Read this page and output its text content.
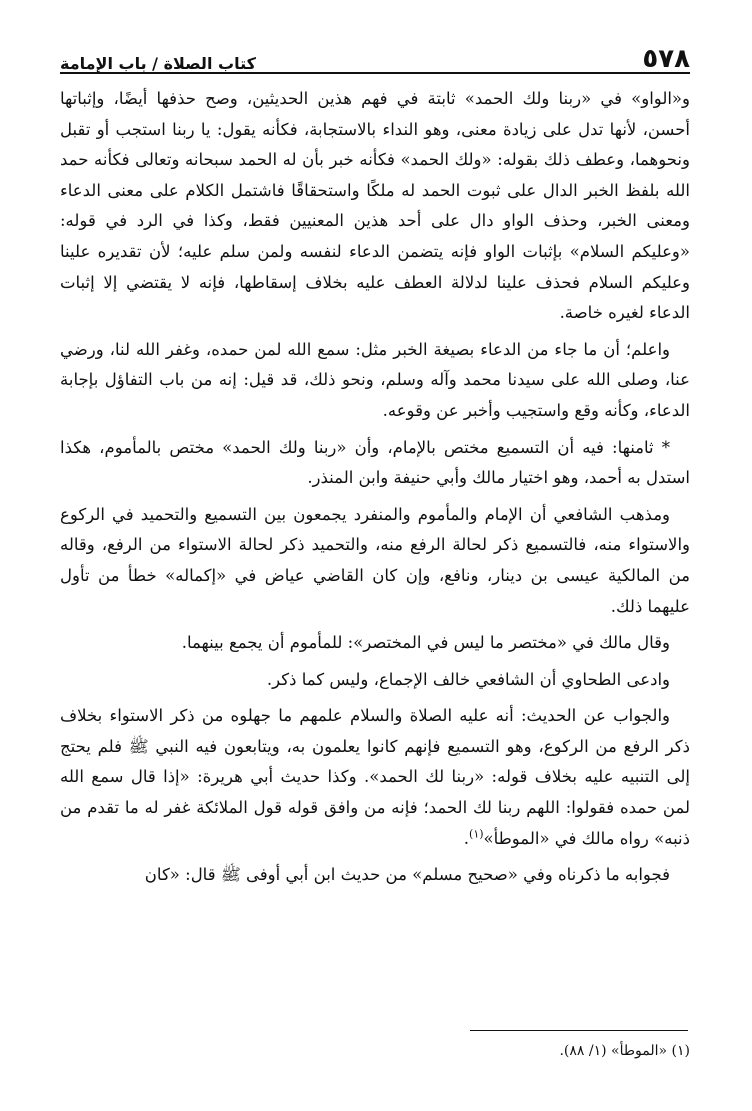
٥٧٨
كتاب الصلاة / باب الإمامة

و«الواو» في «ربنا ولك الحمد» ثابتة في فهم هذين الحديثين، وصح حذفها أيضًا، وإثباتها أحسن، لأنها تدل على زيادة معنى، وهو النداء بالاستجابة، فكأنه يقول: يا ربنا استجب أو تقبل ونحوهما، وعطف ذلك بقوله: «ولك الحمد» فكأنه خبر بأن له الحمد سبحانه وتعالى فكأنه حمد الله بلفظ الخبر الدال على ثبوت الحمد له ملكًا واستحقاقًا فاشتمل الكلام على معنى الدعاء ومعنى الخبر، وحذف الواو دال على أحد هذين المعنيين فقط، وكذا في الرد في قوله: «وعليكم السلام» بإثبات الواو فإنه يتضمن الدعاء لنفسه ولمن سلم عليه؛ لأن تقديره علينا وعليكم السلام فحذف علينا لدلالة العطف عليه بخلاف إسقاطها، فإنه لا يقتضي إلا إثبات الدعاء لغيره خاصة.

واعلم؛ أن ما جاء من الدعاء بصيغة الخبر مثل: سمع الله لمن حمده، وغفر الله لنا، ورضي عنا، وصلى الله على سيدنا محمد وآله وسلم، ونحو ذلك، قد قيل: إنه من باب التفاؤل بإجابة الدعاء، وكأنه وقع واستجيب وأخبر عن وقوعه.

* ثامنها: فيه أن التسميع مختص بالإمام، وأن «ربنا ولك الحمد» مختص بالمأموم، هكذا استدل به أحمد، وهو اختيار مالك وأبي حنيفة وابن المنذر.

ومذهب الشافعي أن الإمام والمأموم والمنفرد يجمعون بين التسميع والتحميد في الركوع والاستواء منه، فالتسميع ذكر لحالة الرفع منه، والتحميد ذكر لحالة الاستواء من الرفع، وقاله من المالكية عيسى بن دينار، ونافع، وإن كان القاضي عياض في «إكماله» خطأ من تأول عليهما ذلك.

وقال مالك في «مختصر ما ليس في المختصر»: للمأموم أن يجمع بينهما.

وادعى الطحاوي أن الشافعي خالف الإجماع، وليس كما ذكر.

والجواب عن الحديث: أنه عليه الصلاة والسلام علمهم ما جهلوه من ذكر الاستواء بخلاف ذكر الرفع من الركوع، وهو التسميع فإنهم كانوا يعلمون به، ويتابعون فيه النبي ﷺ فلم يحتج إلى التنبيه عليه بخلاف قوله: «ربنا لك الحمد». وكذا حديث أبي هريرة: «إذا قال سمع الله لمن حمده فقولوا: اللهم ربنا لك الحمد؛ فإنه من وافق قوله قول الملائكة غفر له ما تقدم من ذنبه» رواه مالك في «الموطأ»$^{(١)}$.

فجوابه ما ذكرناه وفي «صحيح مسلم» من حديث ابن أبي أوفى ﷺ قال: «كان

(١) «الموطأ» (١/ ٨٨).
